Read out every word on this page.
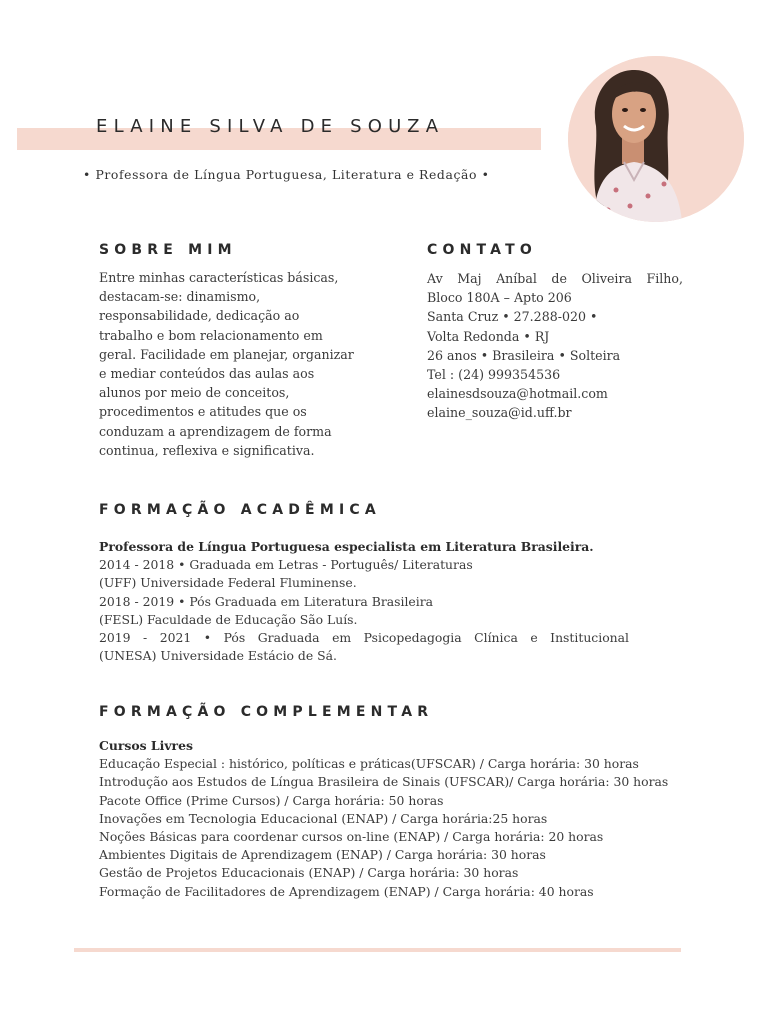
ELAINE SILVA DE SOUZA
• Professora de Língua Portuguesa, Literatura e Redação •
SOBRE MIM
Entre minhas características básicas,
destacam-se: dinamismo,
responsabilidade, dedicação ao
trabalho e bom relacionamento em
geral. Facilidade em planejar, organizar
e mediar conteúdos das aulas aos
alunos por meio de conceitos,
procedimentos e atitudes que os
conduzam a aprendizagem de forma
continua, reflexiva e significativa.
CONTATO
Av Maj Aníbal de Oliveira Filho,
Bloco 180A – Apto 206
Santa Cruz • 27.288-020 •
Volta Redonda • RJ
26 anos • Brasileira • Solteira
Tel : (24) 999354536
elainesdsouza@hotmail.com
elaine_souza@id.uff.br
FORMAÇÃO ACADÊMICA
Professora de Língua Portuguesa especialista em Literatura Brasileira.
2014 - 2018 • Graduada em Letras - Português/ Literaturas
(UFF) Universidade Federal Fluminense.
2018 - 2019 • Pós Graduada em Literatura Brasileira
(FESL) Faculdade de Educação São Luís.
2019 - 2021 • Pós Graduada em Psicopedagogia Clínica e Institucional
(UNESA) Universidade Estácio de Sá.
FORMAÇÃO COMPLEMENTAR
Cursos Livres
Educação Especial : histórico, políticas e práticas(UFSCAR) / Carga horária: 30 horas
Introdução aos Estudos de Língua Brasileira de Sinais (UFSCAR)/ Carga horária: 30 horas
Pacote Office (Prime Cursos) / Carga horária: 50 horas
Inovações em Tecnologia Educacional (ENAP) / Carga horária:25 horas
Noções Básicas para coordenar cursos on-line (ENAP) / Carga horária: 20 horas
Ambientes Digitais de Aprendizagem (ENAP) / Carga horária: 30 horas
Gestão de Projetos Educacionais (ENAP) / Carga horária: 30 horas
Formação de Facilitadores de Aprendizagem (ENAP) / Carga horária: 40 horas
